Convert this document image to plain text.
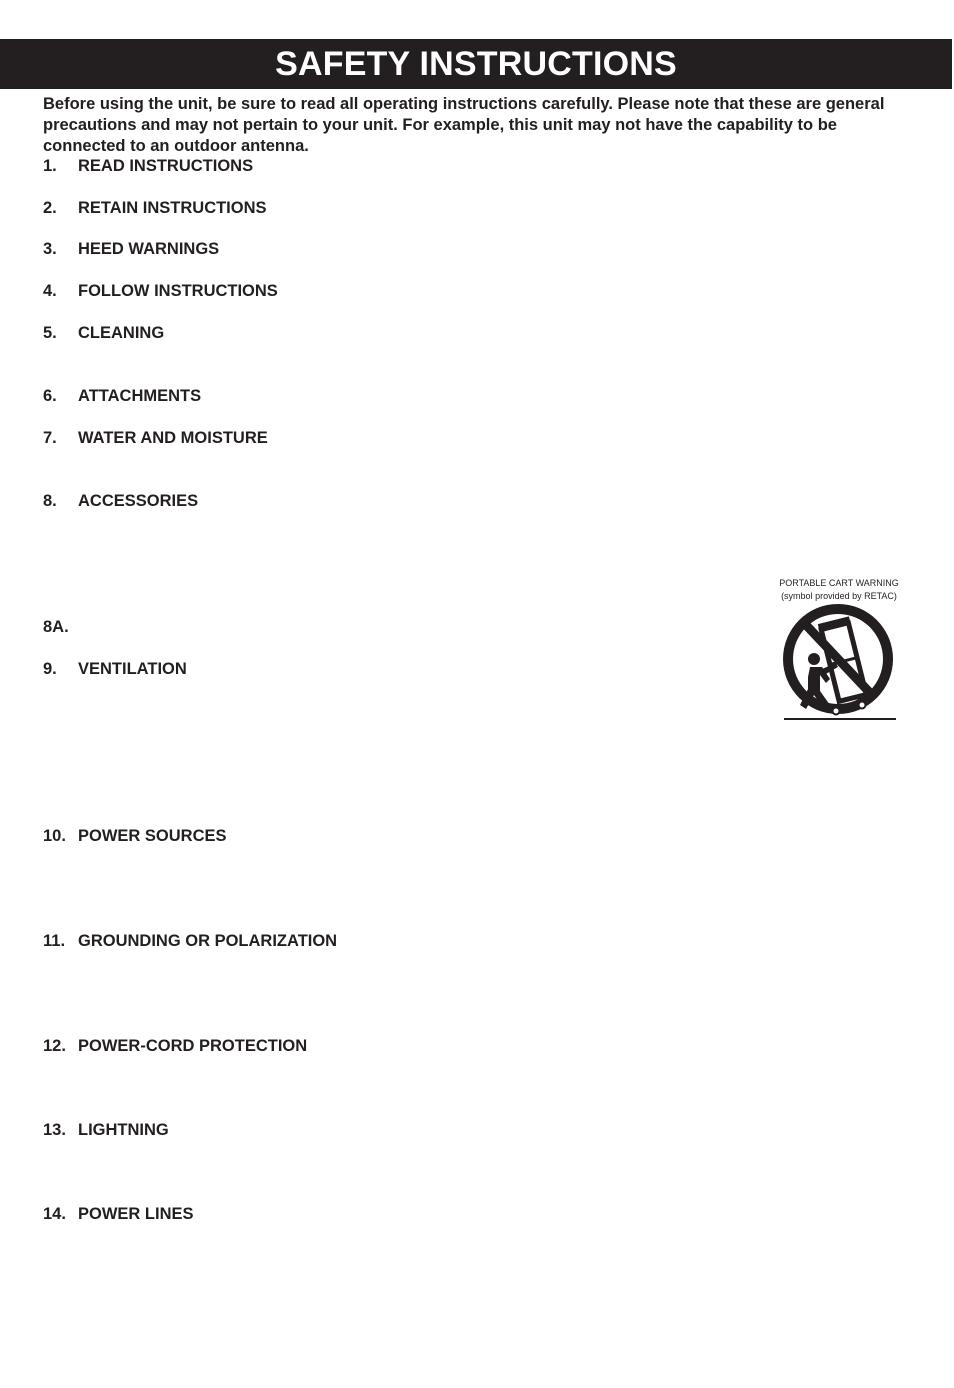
SAFETY INSTRUCTIONS

Before using the unit, be sure to read all operating instructions carefully. Please note that these are general precautions and may not pertain to your unit. For example, this unit may not have the capability to be connected to an outdoor antenna.

1. READ INSTRUCTIONS
2. RETAIN INSTRUCTIONS
3. HEED WARNINGS
4. FOLLOW INSTRUCTIONS
5. CLEANING
6. ATTACHMENTS
7. WATER AND MOISTURE
8. ACCESSORIES
8A.
9. VENTILATION
10. POWER SOURCES
11. GROUNDING OR POLARIZATION
12. POWER-CORD PROTECTION
13. LIGHTNING
14. POWER LINES
PORTABLE CART WARNING
(symbol provided by RETAC)
